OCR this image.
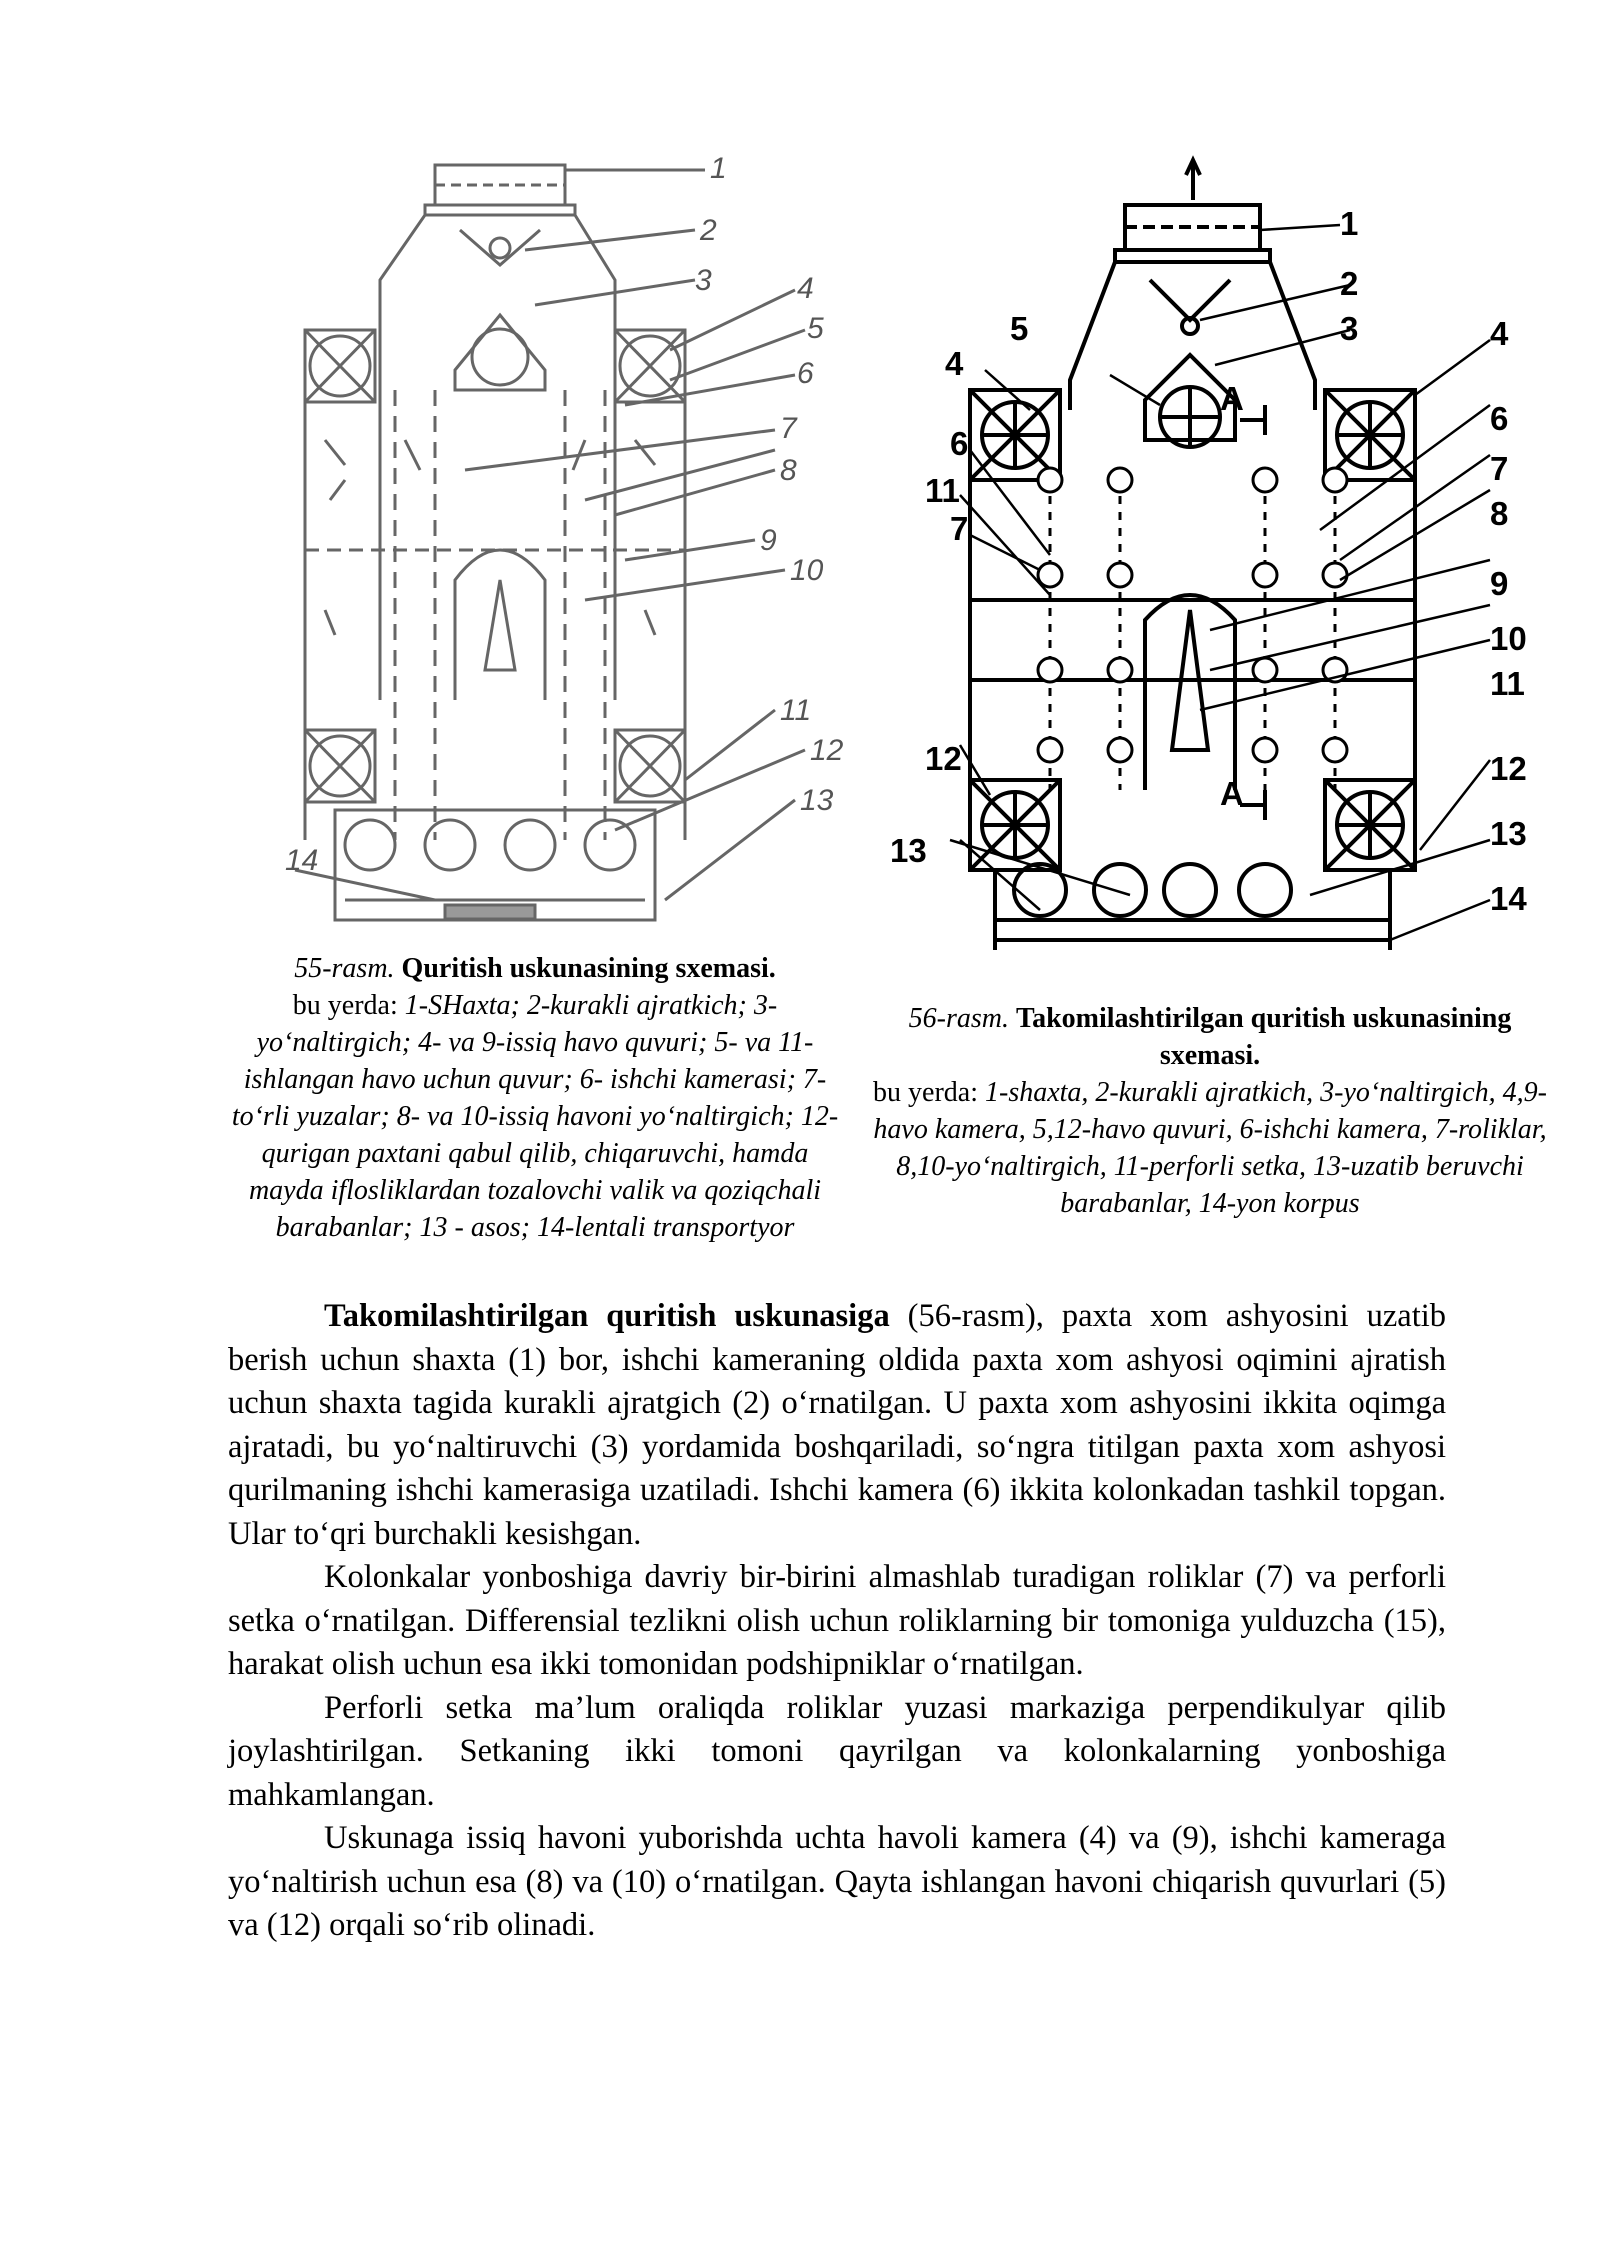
1
2
3	4
5
6
7
8
9
10
11
12
13
14
1
2
3
4
4
5
6
6
7
7
8
9
10
11
11
12	12
13	13
14
A
A
55-rasm. Quritish uskunasining sxemasi.
bu yerda: 1-SHaxta; 2-kurakli ajratkich; 3-yo‘naltirgich; 4- va 9-issiq havo quvuri; 5- va 11- ishlangan havo uchun quvur; 6- ishchi kamerasi; 7- to‘rli yuzalar; 8- va 10-issiq havoni yo‘naltirgich; 12-qurigan paxtani qabul qilib, chiqaruvchi, hamda mayda iflosliklardan tozalovchi valik va qoziqchali barabanlar; 13 - asos; 14-lentali transportyor
56-rasm. Takomilashtirilgan quritish uskunasining sxemasi.
bu yerda: 1-shaxta, 2-kurakli ajratkich, 3-yo‘naltirgich, 4,9-havo kamera, 5,12-havo quvuri, 6-ishchi kamera, 7-roliklar, 8,10-yo‘naltirgich, 11-perforli setka, 13-uzatib beruvchi barabanlar, 14-yon korpus

Takomilashtirilgan quritish uskunasiga (56-rasm), paxta xom ashyosini uzatib berish uchun shaxta (1) bor, ishchi kameraning oldida paxta xom ashyosi oqimini ajratish uchun shaxta tagida kurakli ajratgich (2) o‘rnatilgan. U paxta xom ashyosini ikkita oqimga ajratadi, bu yo‘naltiruvchi (3) yordamida boshqariladi, so‘ngra titilgan paxta xom ashyosi qurilmaning ishchi kamerasiga uzatiladi. Ishchi kamera (6) ikkita kolonkadan tashkil topgan. Ular to‘qri burchakli kesishgan.

Kolonkalar yonboshiga davriy bir-birini almashlab turadigan roliklar (7) va perforli setka o‘rnatilgan. Differensial tezlikni olish uchun roliklarning bir tomoniga yulduzcha (15), harakat olish uchun esa ikki tomonidan podshipniklar o‘rnatilgan.

Perforli setka ma’lum oraliqda roliklar yuzasi markaziga perpendikulyar qilib joylashtirilgan. Setkaning ikki tomoni qayrilgan va kolonkalarning yonboshiga mahkamlangan.

Uskunaga issiq havoni yuborishda uchta havoli kamera (4) va (9), ishchi kameraga yo‘naltirish uchun esa (8) va (10) o‘rnatilgan. Qayta ishlangan havoni chiqarish quvurlari (5) va (12) orqali so‘rib olinadi.
